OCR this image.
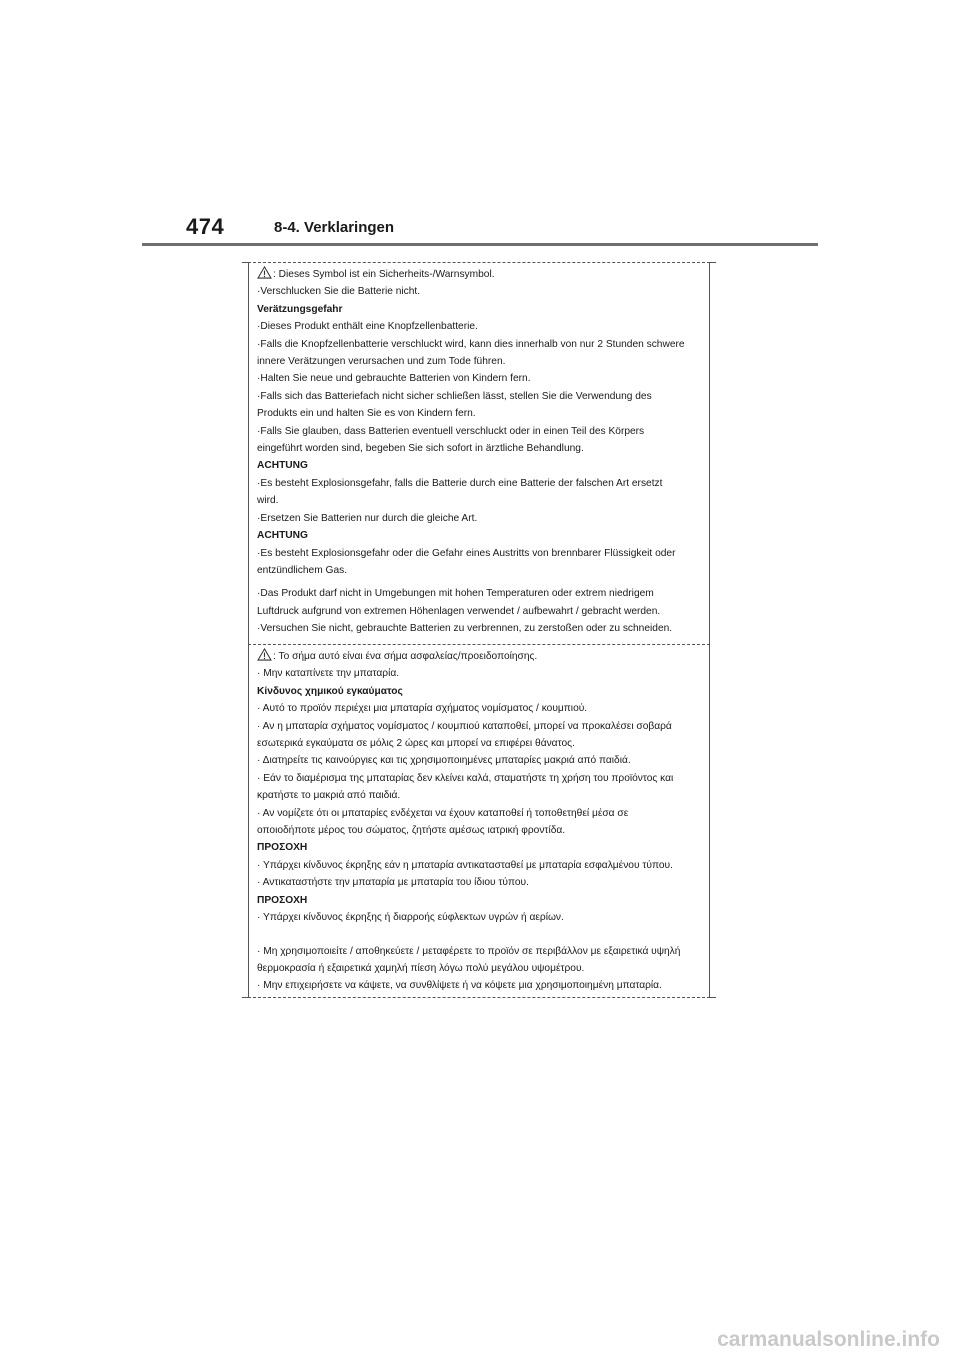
474	8-4. Verklaringen
: Dieses Symbol ist ein Sicherheits-/Warnsymbol.
·Verschlucken Sie die Batterie nicht.
Verätzungsgefahr
·Dieses Produkt enthält eine Knopfzellenbatterie.
·Falls die Knopfzellenbatterie verschluckt wird, kann dies innerhalb von nur 2 Stunden schwere
innere Verätzungen verursachen und zum Tode führen.
·Halten Sie neue und gebrauchte Batterien von Kindern fern.
·Falls sich das Batteriefach nicht sicher schließen lässt, stellen Sie die Verwendung des
Produkts ein und halten Sie es von Kindern fern.
·Falls Sie glauben, dass Batterien eventuell verschluckt oder in einen Teil des Körpers
eingeführt worden sind, begeben Sie sich sofort in ärztliche Behandlung.
ACHTUNG
·Es besteht Explosionsgefahr, falls die Batterie durch eine Batterie der falschen Art ersetzt
wird.
·Ersetzen Sie Batterien nur durch die gleiche Art.
ACHTUNG
·Es besteht Explosionsgefahr oder die Gefahr eines Austritts von brennbarer Flüssigkeit oder
entzündlichem Gas.
·Das Produkt darf nicht in Umgebungen mit hohen Temperaturen oder extrem niedrigem
Luftdruck aufgrund von extremen Höhenlagen verwendet / aufbewahrt / gebracht werden.
·Versuchen Sie nicht, gebrauchte Batterien zu verbrennen, zu zerstoßen oder zu schneiden.
: Το σήμα αυτό είναι ένα σήμα ασφαλείας/προειδοποίησης.
· Μην καταπίνετε την μπαταρία.
Κίνδυνος χημικού εγκαύματος
· Αυτό το προϊόν περιέχει μια μπαταρία σχήματος νομίσματος / κουμπιού.
· Αν η μπαταρία σχήματος νομίσματος / κουμπιού καταποθεί, μπορεί να προκαλέσει σοβαρά
εσωτερικά εγκαύματα σε μόλις 2 ώρες και μπορεί να επιφέρει θάνατος.
· Διατηρείτε τις καινούργιες και τις χρησιμοποιημένες μπαταρίες μακριά από παιδιά.
· Εάν το διαμέρισμα της μπαταρίας δεν κλείνει καλά, σταματήστε τη χρήση του προϊόντος και
κρατήστε το μακριά από παιδιά.
· Αν νομίζετε ότι οι μπαταρίες ενδέχεται να έχουν καταποθεί ή τοποθετηθεί μέσα σε
οποιοδήποτε μέρος του σώματος, ζητήστε αμέσως ιατρική φροντίδα.
ΠΡΟΣΟΧΗ
· Υπάρχει κίνδυνος έκρηξης εάν η μπαταρία αντικατασταθεί με μπαταρία εσφαλμένου τύπου.
· Αντικαταστήστε την μπαταρία με μπαταρία του ίδιου τύπου.
ΠΡΟΣΟΧΗ
· Υπάρχει κίνδυνος έκρηξης ή διαρροής εύφλεκτων υγρών ή αερίων.
· Μη χρησιμοποιείτε / αποθηκεύετε / μεταφέρετε το προϊόν σε περιβάλλον με εξαιρετικά υψηλή
θερμοκρασία ή εξαιρετικά χαμηλή πίεση λόγω πολύ μεγάλου υψομέτρου.
· Μην επιχειρήσετε να κάψετε, να συνθλίψετε ή να κόψετε μια χρησιμοποιημένη μπαταρία.
carmanualsonline.info
